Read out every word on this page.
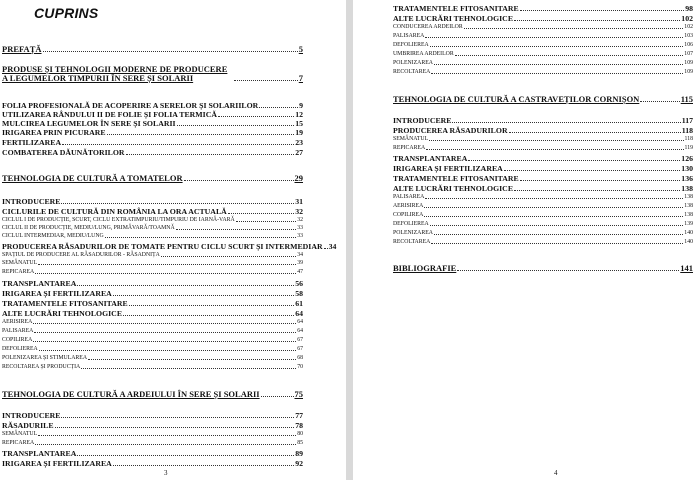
CUPRINS
PREFAȚĂ	5
PRODUSE ȘI TEHNOLOGII MODERNE DE PRODUCERE A LEGUMELOR TIMPURII ÎN SERE ȘI SOLARII	7
FOLIA PROFESIONALĂ DE ACOPERIRE A SERELOR ȘI SOLARIILOR	9
UTILIZAREA RÂNDULUI II DE FOLIE ȘI FOLIA TERMICĂ	12
MULCIREA LEGUMELOR ÎN SERE ȘI SOLARII	15
IRIGAREA PRIN PICURARE	19
FERTILIZAREA	23
COMBATEREA DĂUNĂTORILOR	27
TEHNOLOGIA DE CULTURĂ A TOMATELOR	29
INTRODUCERE	31
CICLURILE DE CULTURĂ DIN ROMÂNIA LA ORA ACTUALĂ	32
CICLUL I DE PRODUCȚIE, SCURT, CICLU EXTRATIMPURIU/TIMPURIU DE IARNĂ-VARĂ	32
CICLUL II DE PRODUCȚIE, MEDIU/LUNG, PRIMĂVARĂ/TOAMNĂ	33
CICLUL INTERMEDIAR, MEDIU/LUNG	33
PRODUCEREA RĂSADURILOR DE TOMATE PENTRU CICLU SCURT ȘI INTERMEDIAR 34
SPAȚIUL DE PRODUCERE AL RĂSADURILOR - RĂSADNIȚA	34
SEMĂNATUL	39
REPICAREA	47
TRANSPLANTAREA	56
IRIGAREA ȘI FERTILIZAREA	58
TRATAMENTELE FITOSANITARE	61
ALTE LUCRĂRI TEHNOLOGICE	64
AERISIREA	64
PALISAREA	64
COPILIREA	67
DEFOLIEREA	67
POLENIZAREA ȘI STIMULAREA	68
RECOLTAREA ȘI PRODUCȚIA	70
TEHNOLOGIA DE CULTURĂ A ARDEIULUI ÎN SERE ȘI SOLARII	75
INTRODUCERE	77
RĂSADURILE	78
SEMĂNATUL	80
REPICAREA	85
TRANSPLANTAREA	89
IRIGAREA ȘI FERTILIZAREA	92
3
TRATAMENTELE FITOSANITARE	98
ALTE LUCRĂRI TEHNOLOGICE	102
CONDUCEREA ARDEILOR	102
PALISAREA	103
DEFOLIEREA	106
UMBRIREA ARDEILOR	107
POLENIZAREA	109
RECOLTAREA	109
TEHNOLOGIA DE CULTURĂ A CASTRAVEȚILOR CORNIȘON	115
INTRODUCERE	117
PRODUCEREA RĂSADURILOR	118
SEMĂNATUL	118
REPICAREA	119
TRANSPLANTAREA	126
IRIGAREA ȘI FERTILIZAREA	130
TRATAMENTELE FITOSANITARE	136
ALTE LUCRĂRI TEHNOLOGICE	138
PALISAREA	138
AERISIREA	138
COPILIREA	138
DEFOLIEREA	139
POLENIZAREA	140
RECOLTAREA	140
BIBLIOGRAFIE	141
4
